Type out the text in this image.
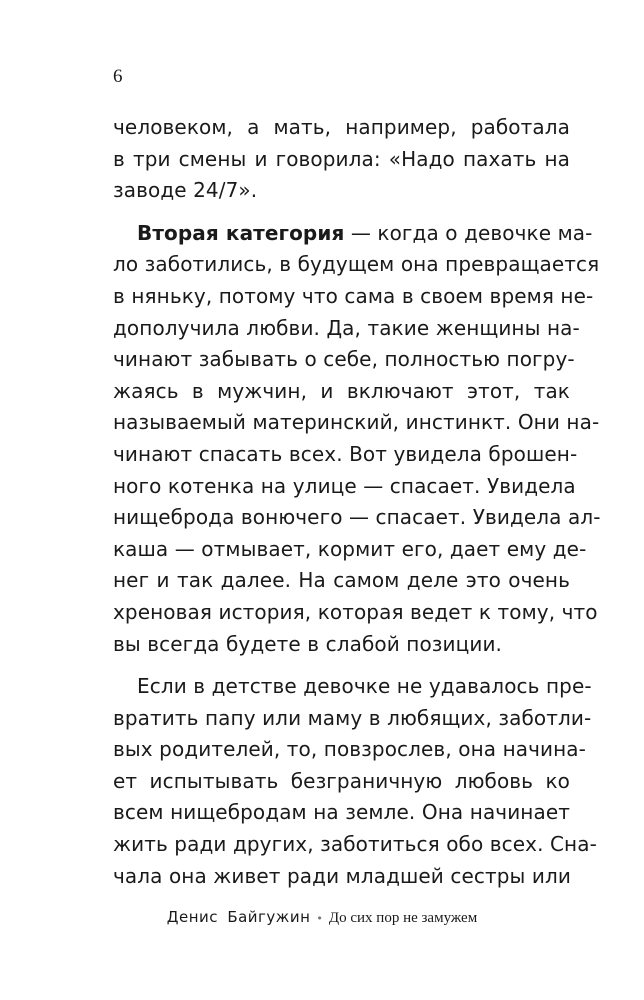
6
человеком, а мать, например, работала
в три смены и говорила: «Надо пахать на
заводе 24/7».
Вторая категория — когда о девочке ма-
ло заботились, в будущем она превращается
в няньку, потому что сама в своем время не-
дополучила любви. Да, такие женщины на-
чинают забывать о себе, полностью погру-
жаясь в мужчин, и включают этот, так
называемый материнский, инстинкт. Они на-
чинают спасать всех. Вот увидела брошен-
ного котенка на улице — спасает. Увидела
нищеброда вонючего — спасает. Увидела ал-
каша — отмывает, кормит его, дает ему де-
нег и так далее. На самом деле это очень
хреновая история, которая ведет к тому, что
вы всегда будете в слабой позиции.
Если в детстве девочке не удавалось пре-
вратить папу или маму в любящих, заботли-
вых родителей, то, повзрослев, она начина-
ет испытывать безграничную любовь ко
всем нищебродам на земле. Она начинает
жить ради других, заботиться обо всех. Сна-
чала она живет ради младшей сестры или
Денис Байгужин • До сих пор не замужем
